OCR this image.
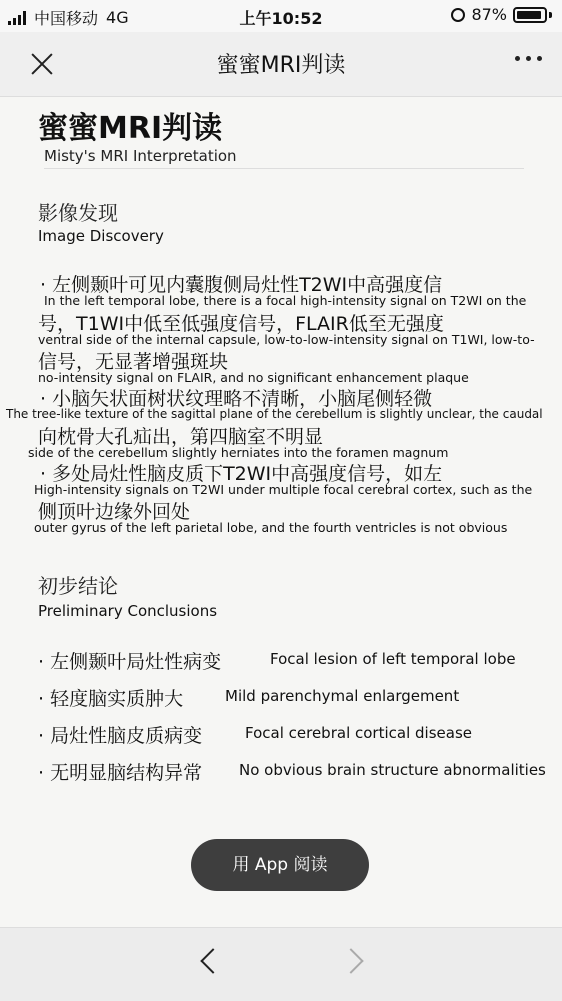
中国移动 4G	上午10:52	87%
蜜蜜MRI判读
蜜蜜MRI判读
Misty's MRI Interpretation
影像发现
Image Discovery
· 左侧颞叶可见内囊腹侧局灶性T2WI中高强度信
In the left temporal lobe, there is a focal high-intensity signal on T2WI on the
号，T1WI中低至低强度信号，FLAIR低至无强度
ventral side of the internal capsule, low-to-low-intensity signal on T1WI, low-to-
信号，无显著增强斑块
no-intensity signal on FLAIR, and no significant enhancement plaque
· 小脑矢状面树状纹理略不清晰，小脑尾侧轻微
The tree-like texture of the sagittal plane of the cerebellum is slightly unclear, the caudal
向枕骨大孔疝出，第四脑室不明显
side of the cerebellum slightly herniates into the foramen magnum
· 多处局灶性脑皮质下T2WI中高强度信号，如左
High-intensity signals on T2WI under multiple focal cerebral cortex, such as the
侧顶叶边缘外回处
outer gyrus of the left parietal lobe, and the fourth ventricles is not obvious
初步结论
Preliminary Conclusions
· 左侧颞叶局灶性病变	Focal lesion of left temporal lobe
· 轻度脑实质肿大	Mild parenchymal enlargement
· 局灶性脑皮质病变	Focal cerebral cortical disease
· 无明显脑结构异常 No obvious brain structure abnormalities
用 App 阅读
